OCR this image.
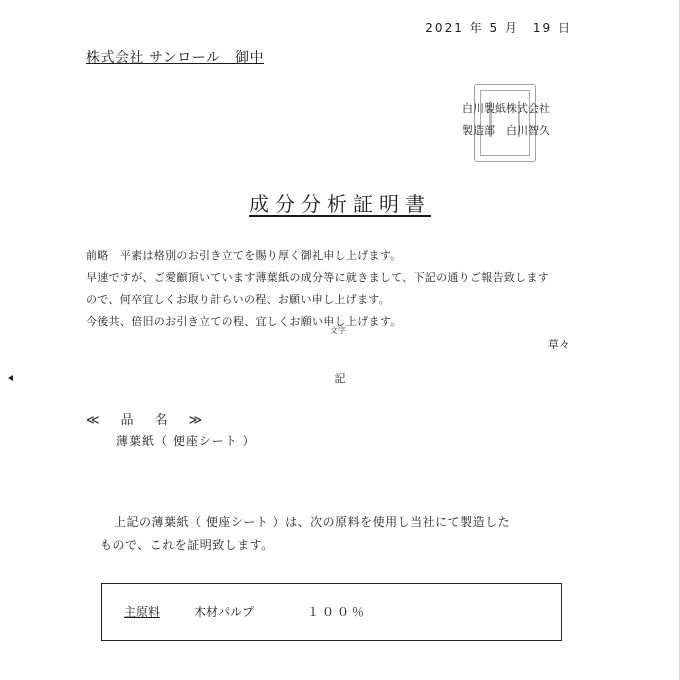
2021 年 5 月　19 日
株式会社 サンロール　御中
白川製紙株式会社
製造部　白川智久
成分分析証明書
前略　平素は格別のお引き立てを賜り厚く御礼申し上げます。
早速ですが、ご愛顧頂いています薄葉紙の成分等に就きまして、下記の通りご報告致します
ので、何卒宜しくお取り計らいの程、お願い申し上げます。
今後共、倍旧のお引き立ての程、宜しくお願い申し上げます。
文字
草々
記
≪　品　名　≫
薄葉紙（ 便座シート ）
上記の薄葉紙（ 便座シート ）は、次の原料を使用し当社にて製造した
もので、これを証明致します。
主原料	木材パルプ	１００％
